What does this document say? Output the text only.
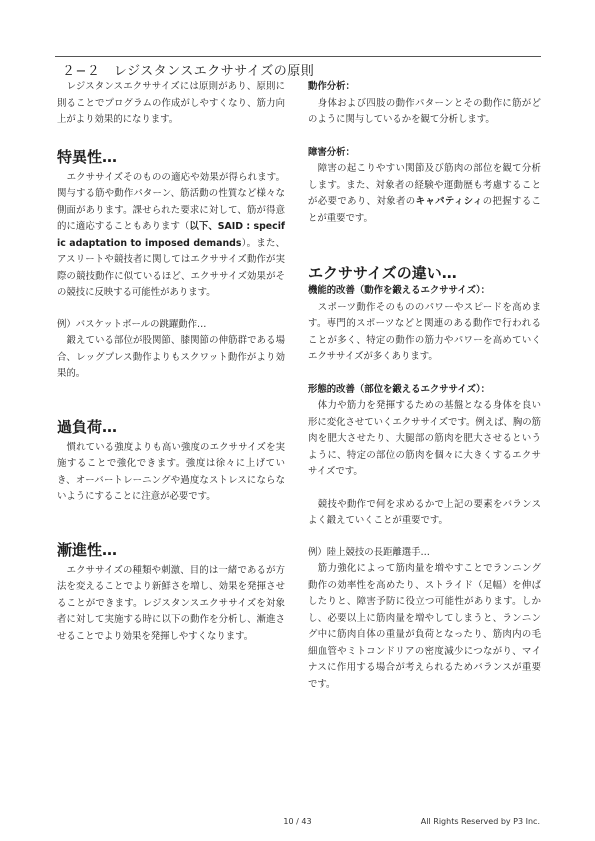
２−２　レジスタンスエクササイズの原則

　レジスタンスエクササイズには原則があり、原則に則ることでプログラムの作成がしやすくなり、筋力向上がより効果的になります。

特異性…

　エクササイズそのものの適応や効果が得られます。関与する筋や動作パターン、筋活動の性質など様々な側面があります。課せられた要求に対して、筋が得意的に適応することもあります（以下、SAID : specific adaptation to imposed demands）。また、アスリートや競技者に関してはエクササイズ動作が実際の競技動作に似ているほど、エクササイズ効果がその競技に反映する可能性があります。

例）バスケットボールの跳躍動作…

　鍛えている部位が股関節、膝関節の伸筋群である場合、レッグプレス動作よりもスクワット動作がより効果的。

過負荷…

　慣れている強度よりも高い強度のエクササイズを実施することで強化できます。強度は徐々に上げていき、オーバートレーニングや過度なストレスにならないようにすることに注意が必要です。

漸進性…

　エクササイズの種類や刺激、目的は一緒であるが方法を変えることでより新鮮さを増し、効果を発揮させることができます。レジスタンスエクササイズを対象者に対して実施する時に以下の動作を分析し、漸進させることでより効果を発揮しやすくなります。

動作分析：

　身体および四肢の動作パターンとその動作に筋がどのように関与しているかを観て分析します。

障害分析：

　障害の起こりやすい関節及び筋肉の部位を観て分析します。また、対象者の経験や運動歴も考慮することが必要であり、対象者のキャパティシィの把握することが重要です。

エクササイズの違い…
機能的改善（動作を鍛えるエクササイズ）：

　スポーツ動作そのもののパワーやスピードを高めます。専門的スポーツなどと関連のある動作で行われることが多く、特定の動作の筋力やパワーを高めていくエクササイズが多くあります。

形態的改善（部位を鍛えるエクササイズ）：

　体力や筋力を発揮するための基盤となる身体を良い形に変化させていくエクササイズです。例えば、胸の筋肉を肥大させたり、大腿部の筋肉を肥大させるというように、特定の部位の筋肉を個々に大きくするエクササイズです。

　競技や動作で何を求めるかで上記の要素をバランスよく鍛えていくことが重要です。

例）陸上競技の長距離選手…

　筋力強化によって筋肉量を増やすことでランニング動作の効率性を高めたり、ストライド（足幅）を伸ばしたりと、障害予防に役立つ可能性があります。しかし、必要以上に筋肉量を増やしてしまうと、ランニング中に筋肉自体の重量が負荷となったり、筋肉内の毛細血管やミトコンドリアの密度減少につながり、マイナスに作用する場合が考えられるためバランスが重要です。

10 / 43	All Rights Reserved by P3 Inc.
